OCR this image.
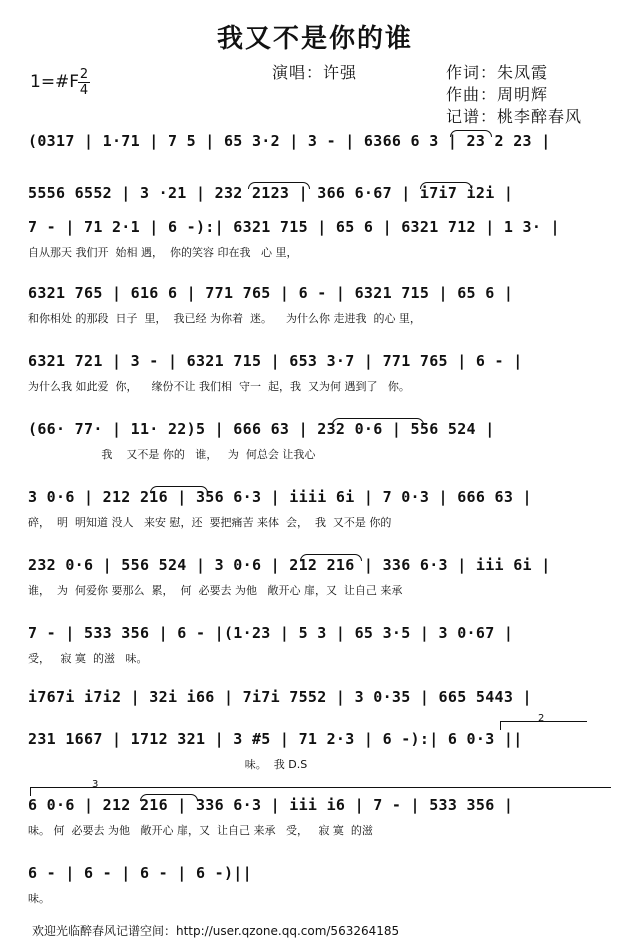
我又不是你的谁
演唱：许强	作词：朱凤霞
作曲：周明辉
记谱：桃李醉春风
1=#F 2
4
(0317 | 1·71 | 7 5 | 65 3·2 | 3 - | 6366 6 3 | 23 2 23 |
5556 6552 | 3 ·21 | 232 2123 | 366 6·67 | i7i7 i2i |
7 - | 71 2·1 | 6 -):| 6321 715 | 65 6 | 6321 712 | 1 3· |
自从那天 我们开  始相 遇，  你的笑容 印在我   心 里，
6321 765 | 616 6 | 771 765 | 6 - | 6321 715 | 65 6 |
和你相处 的那段  日子  里，  我已经 为你着  迷。    为什么你 走进我  的心 里，
6321 721 | 3 - | 6321 715 | 653 3·7 | 771 765 | 6 - |
为什么我 如此爱  你，    缘份不让 我们相  守一  起，我  又为何 遇到了   你。
(66· 77· | 11· 22)5 | 666 63 | 232 0·6 | 556 524 |
我    又不是 你的   谁，   为  何总会 让我心
3 0·6 | 212 216 | 356 6·3 | iiii 6i | 7 0·3 | 666 63 |
碎，  明  明知道 没人   来安 慰，还  要把痛苦 来体  会，  我  又不是 你的
232 0·6 | 556 524 | 3 0·6 | 212 216 | 336 6·3 | iii 6i |
谁，  为  何爱你 要那么  累，  何  必要去 为他   敞开心 扉，又  让自己 来承
7 - | 533 356 | 6 - |(1·23 | 5 3 | 65 3·5 | 3 0·67 |
受，   寂 寞  的滋   味。
i767i i7i2 | 32i i66 | 7i7i 7552 | 3 0·35 | 665 5443 |
231 1667 | 1712 321 | 3 #5 | 71 2·3 | 6 -):| 6 0·3 ||
味。  我 D.S
6 0·6 | 212 216 | 336 6·3 | iii i6 | 7 - | 533 356 |
味。 何  必要去 为他   敞开心 扉，又  让自己 来承   受，   寂 寞  的滋
6 - | 6 - | 6 - | 6 -)||
味。
2
3
欢迎光临醉春风记谱空间：http://user.qzone.qq.com/563264185
